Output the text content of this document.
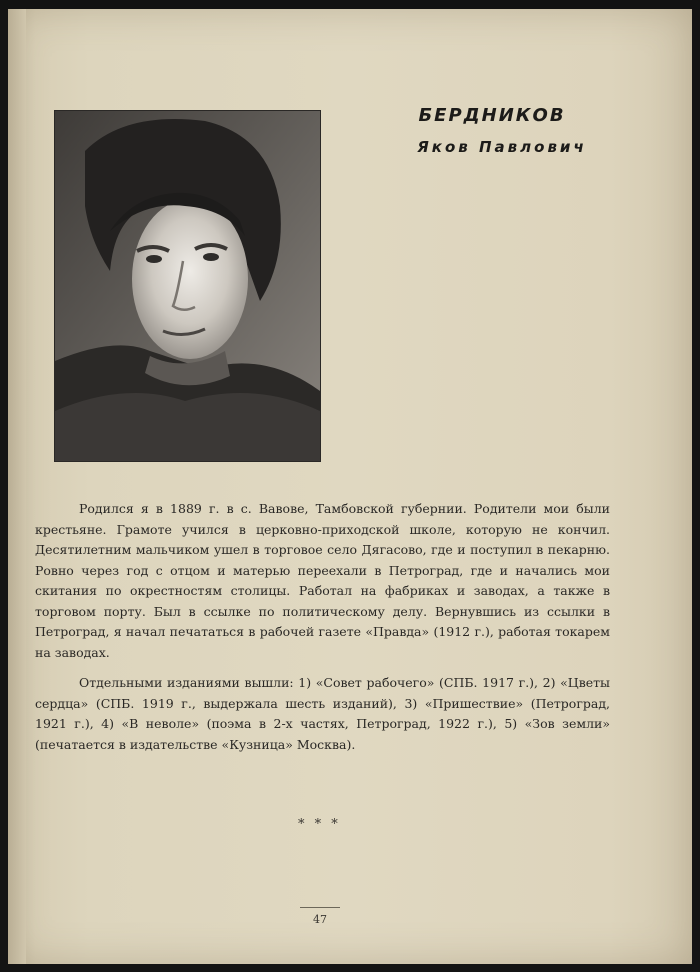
БЕРДНИКОВ
Яков Павлович

Родился я в 1889 г. в с. Вавове, Тамбовской губернии. Родители мои были крестьяне. Грамоте учился в церковно-приходской школе, которую не кончил. Десятилетним мальчиком ушел в торговое село Дягасово, где и поступил в пекарню. Ровно через год с отцом и матерью переехали в Петроград, где и начались мои скитания по окрестностям столицы. Работал на фабриках и заводах, а также в торговом порту. Был в ссылке по политическому делу. Вернувшись из ссылки в Петроград, я начал печататься в рабочей газете «Правда» (1912 г.), работая токарем на заводах.

Отдельными изданиями вышли: 1) «Совет рабочего» (СПБ. 1917 г.), 2) «Цветы сердца» (СПБ. 1919 г., выдержала шесть изданий), 3) «Пришествие» (Петроград, 1921 г.), 4) «В неволе» (поэма в 2-х частях, Петроград, 1922 г.), 5) «Зов земли» (печатается в издательстве «Кузница» Москва).

* * *
47
